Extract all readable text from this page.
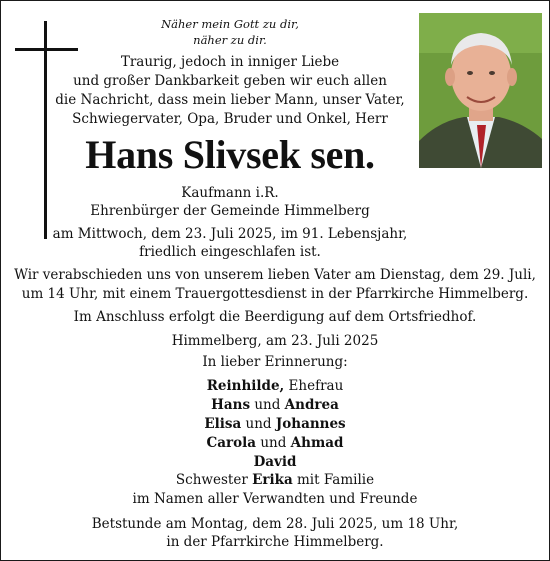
Näher mein Gott zu dir,
näher zu dir.
Traurig, jedoch in inniger Liebe
und großer Dankbarkeit geben wir euch allen
die Nachricht, dass mein lieber Mann, unser Vater,
Schwiegervater, Opa, Bruder und Onkel, Herr
Hans Slivsek sen.
Kaufmann i.R.
Ehrenbürger der Gemeinde Himmelberg
am Mittwoch, dem 23. Juli 2025, im 91. Lebensjahr,
friedlich eingeschlafen ist.
Wir verabschieden uns von unserem lieben Vater am Dienstag, dem 29. Juli,
um 14 Uhr, mit einem Trauergottesdienst in der Pfarrkirche Himmelberg.
Im Anschluss erfolgt die Beerdigung auf dem Ortsfriedhof.
Himmelberg, am 23. Juli 2025
In lieber Erinnerung:
Reinhilde, Ehefrau
Hans und Andrea
Elisa und Johannes
Carola und Ahmad
David
Schwester Erika mit Familie
im Namen aller Verwandten und Freunde
Betstunde am Montag, dem 28. Juli 2025, um 18 Uhr,
in der Pfarrkirche Himmelberg.
